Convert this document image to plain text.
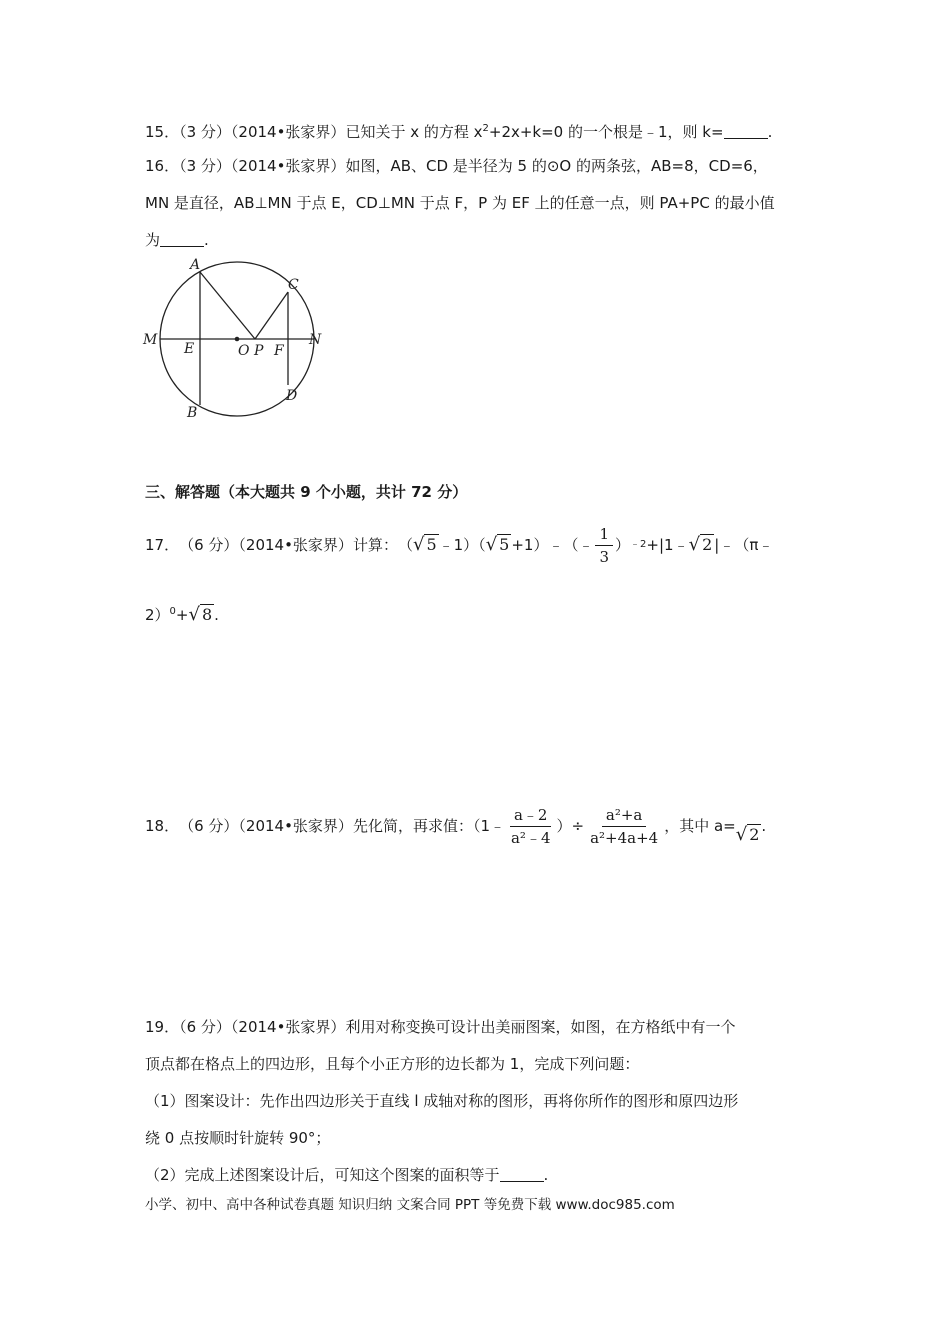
15．（3 分）（2014•张家界）已知关于 x 的方程 $x^2+2x+k=0$ 的一个根是﹣1，则 k=	.
16．（3 分）（2014•张家界）如图，AB、CD 是半径为 5 的⊙O 的两条弦，AB=8，CD=6，
MN 是直径，AB⊥MN 于点 E，CD⊥MN 于点 F，P 为 EF 上的任意一点，则 PA+PC 的最小值
为	.
A
C
M
E	O P F
N
B
D
三、解答题（本大题共 9 个小题，共计 72 分）
17． （6 分）（2014•张家界） 计算： （ √ 5 ﹣1）（ √ 5 +1）﹣（﹣ $\frac{1}{3}$ ） ﹣2 +|1﹣ √ 2 |﹣（π﹣
2）$^0$+√ 8 .
18． （6 分）（2014•张家界） 先化简，再求值：（1﹣ $\frac{a﹣2}{\text{a²﹣4}}$ ）÷ $\frac{\text{a²+a}}{\text{a²+4a+4}}$ ，其中 a= √ 2 .
19．（6 分）（2014•张家界）利用对称变换可设计出美丽图案，如图，在方格纸中有一个
顶点都在格点上的四边形，且每个小正方形的边长都为 1，完成下列问题：
（1）图案设计：先作出四边形关于直线 l 成轴对称的图形，再将你所作的图形和原四边形
绕 0 点按顺时针旋转 90°；
（2）完成上述图案设计后，可知这个图案的面积等于	.
小学、初中、高中各种试卷真题 知识归纳 文案合同 PPT 等免费下载 www.doc985.com
